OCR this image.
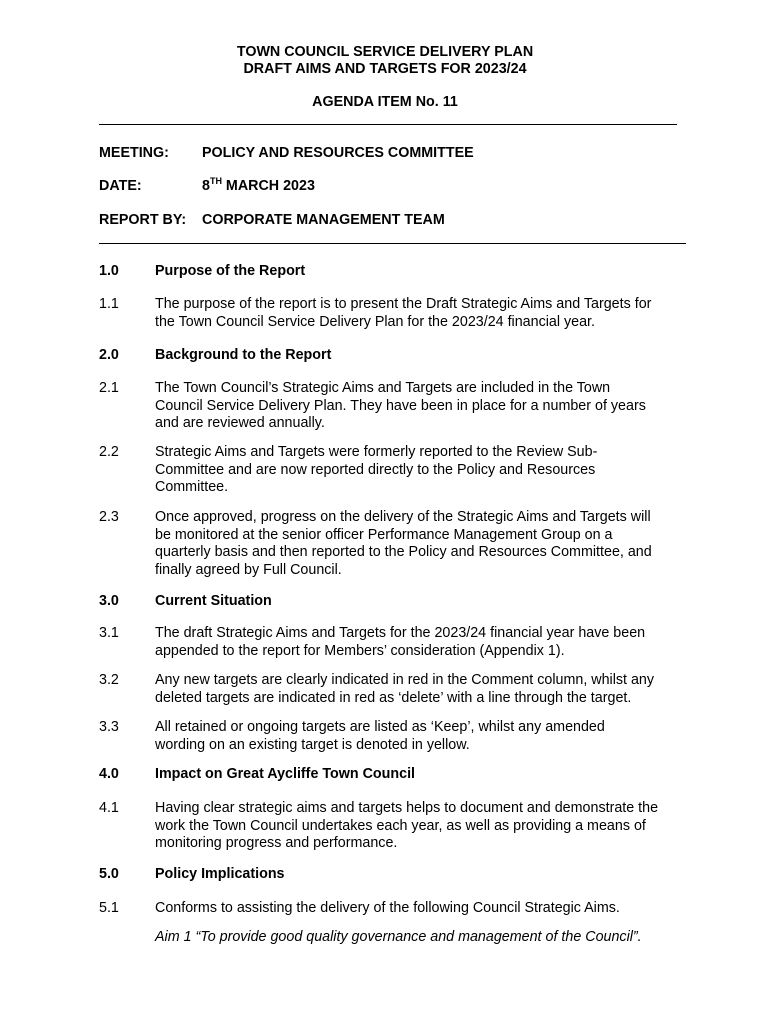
TOWN COUNCIL SERVICE DELIVERY PLAN
DRAFT AIMS AND TARGETS FOR 2023/24
AGENDA ITEM No. 11
MEETING: POLICY AND RESOURCES COMMITTEE
DATE:	8TH MARCH 2023
REPORT BY: CORPORATE MANAGEMENT TEAM
1.0	Purpose of the Report
1.1	The purpose of the report is to present the Draft Strategic Aims and Targets for
the Town Council Service Delivery Plan for the 2023/24 financial year.
2.0	Background to the Report
2.1	The Town Council’s Strategic Aims and Targets are included in the Town
Council Service Delivery Plan. They have been in place for a number of years
and are reviewed annually.
2.2	Strategic Aims and Targets were formerly reported to the Review Sub-
Committee and are now reported directly to the Policy and Resources
Committee.
2.3	Once approved, progress on the delivery of the Strategic Aims and Targets will
be monitored at the senior officer Performance Management Group on a
quarterly basis and then reported to the Policy and Resources Committee, and
finally agreed by Full Council.
3.0	Current Situation
3.1	The draft Strategic Aims and Targets for the 2023/24 financial year have been
appended to the report for Members’ consideration (Appendix 1).
3.2	Any new targets are clearly indicated in red in the Comment column, whilst any
deleted targets are indicated in red as ‘delete’ with a line through the target.
3.3	All retained or ongoing targets are listed as ‘Keep’, whilst any amended
wording on an existing target is denoted in yellow.
4.0	Impact on Great Aycliffe Town Council
4.1	Having clear strategic aims and targets helps to document and demonstrate the
work the Town Council undertakes each year, as well as providing a means of
monitoring progress and performance.
5.0	Policy Implications
5.1	Conforms to assisting the delivery of the following Council Strategic Aims.
Aim 1 “To provide good quality governance and management of the Council”.
